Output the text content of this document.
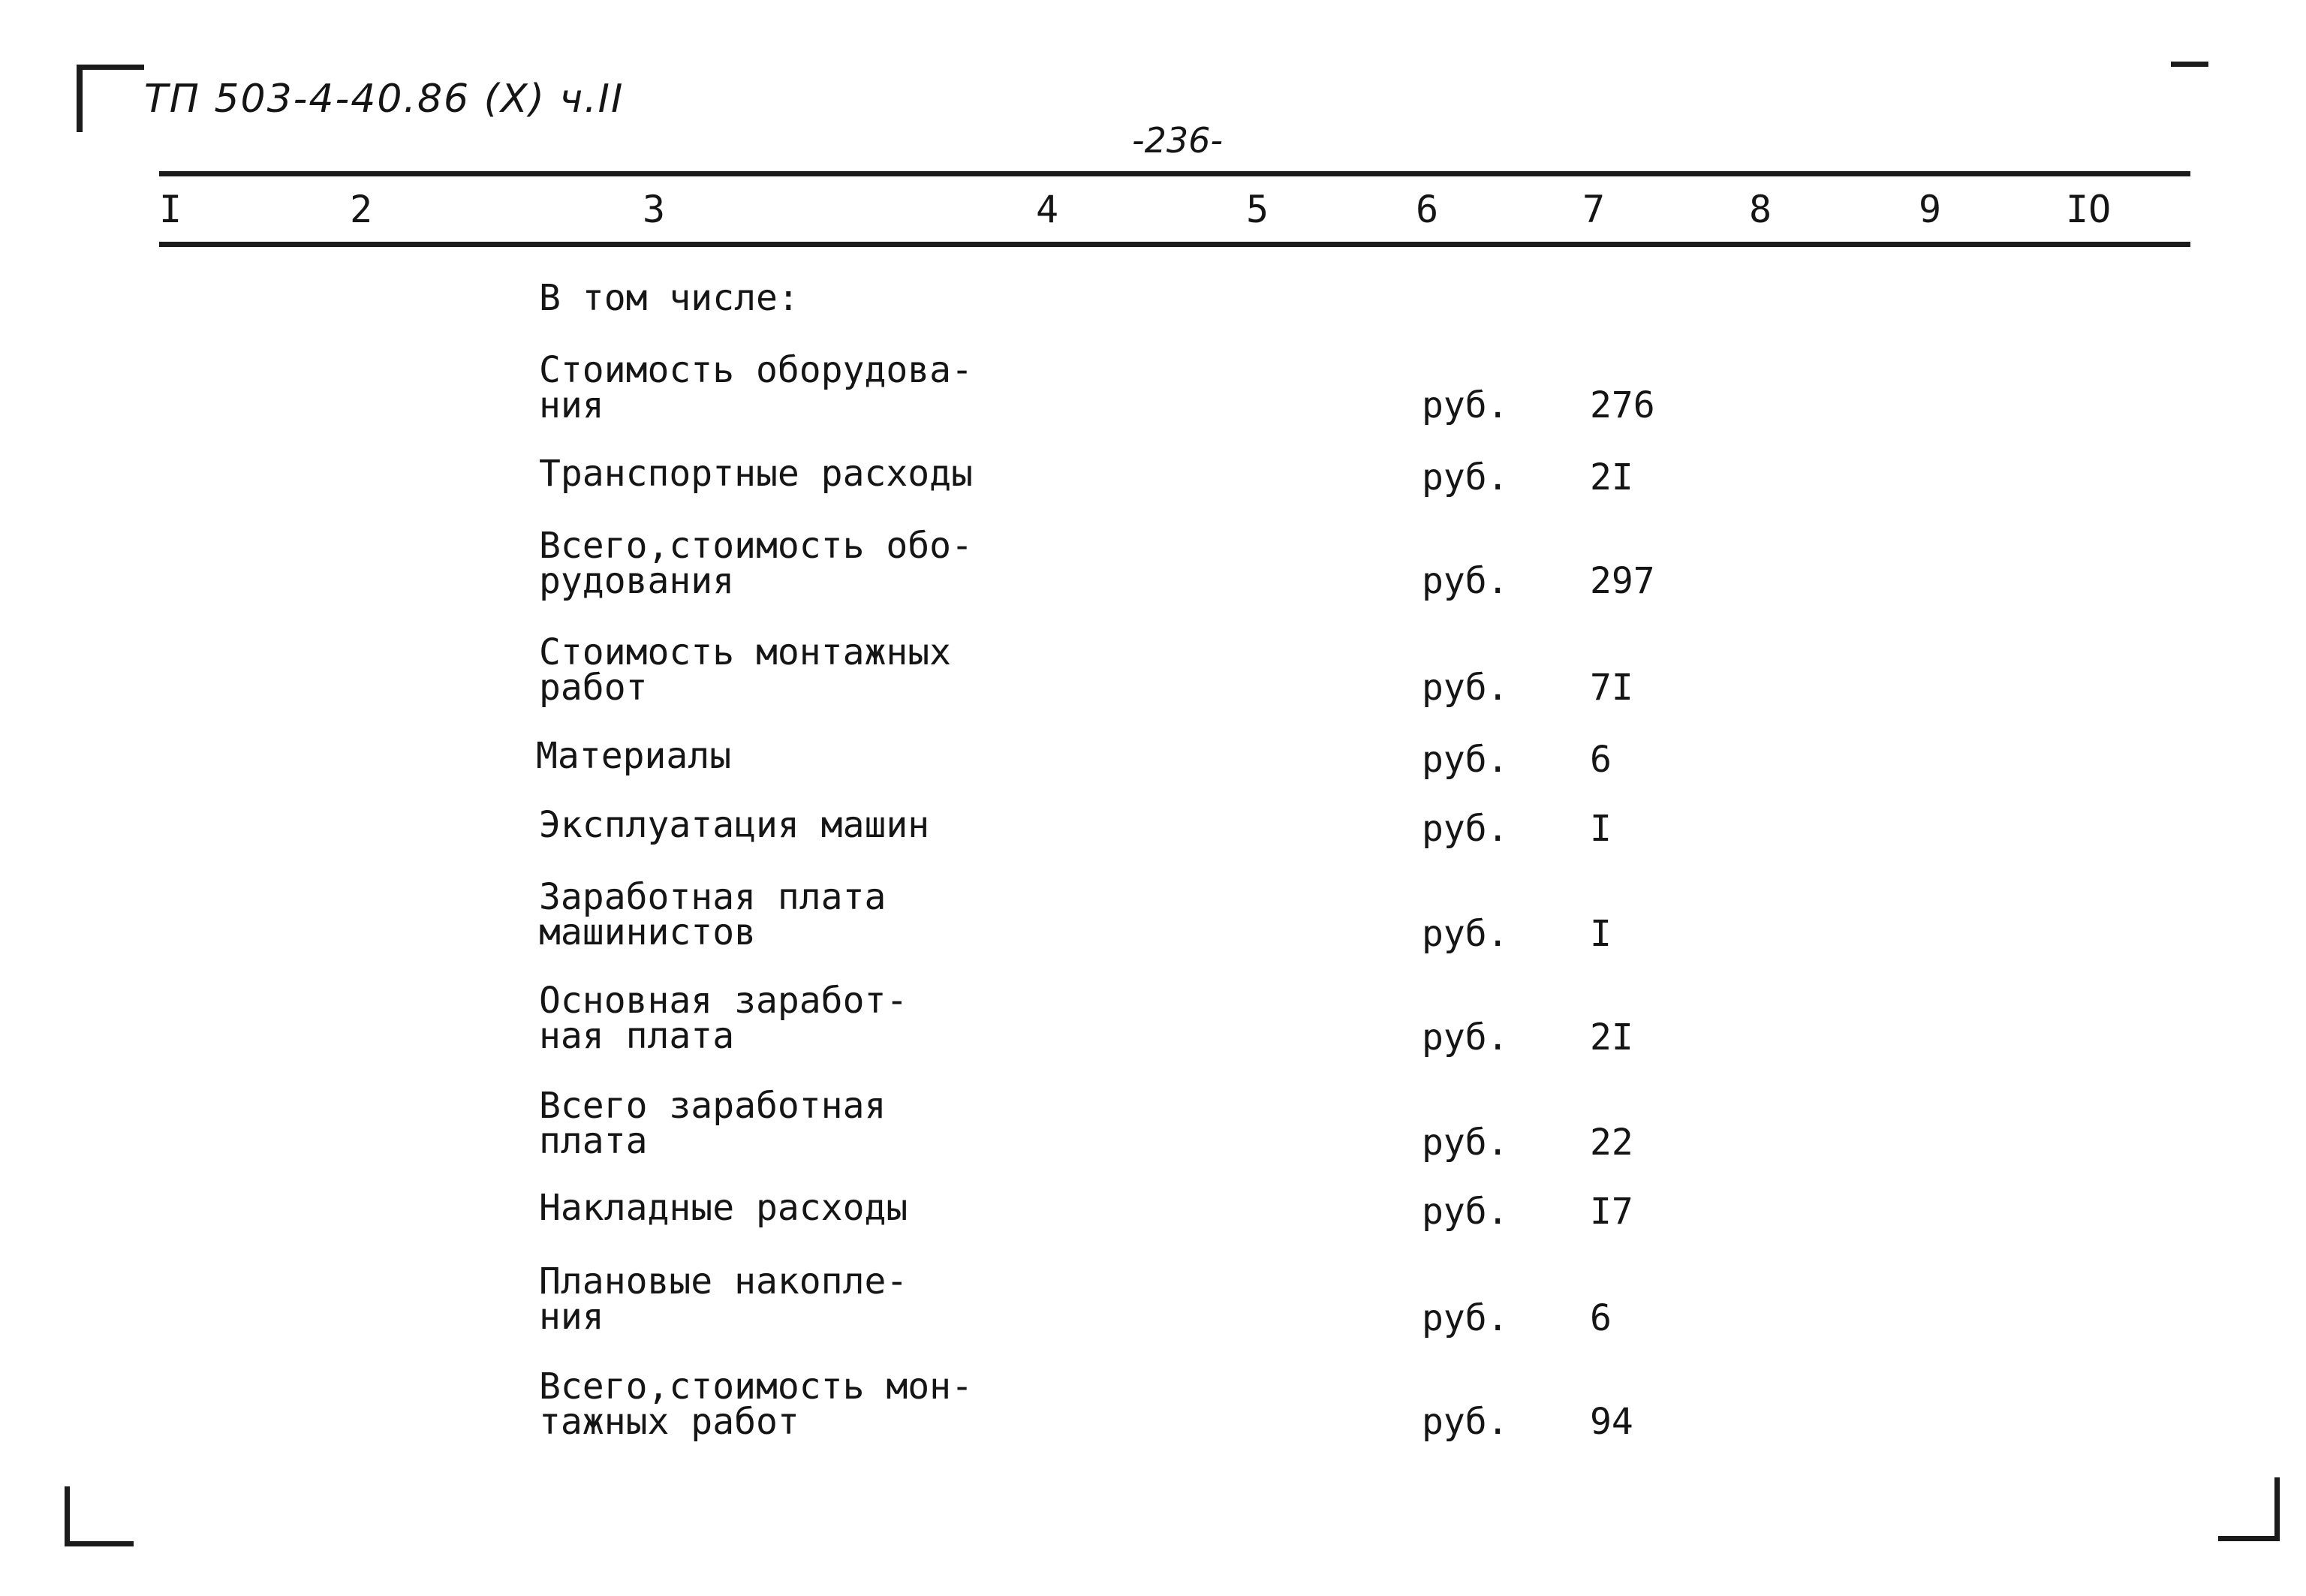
ТП 503-4-40.86 (X) ч.II
-236-
I	2	3	4	5	6	7	8	9	IO
В том числе:
Стоимость оборудова-
ния	руб. 276
Транспортные расходы	руб. 2I
Всего,стоимость обо-
рудования	руб. 297
Стоимость монтажных
работ	руб. 7I
Материалы	руб. 6
Эксплуатация машин	руб. I
Заработная плата
машинистов	руб. I
Основная заработ-
ная плата	руб. 2I
Всего заработная
плата	руб. 22
Накладные расходы	руб. I7
Плановые накопле-
ния	руб. 6
Всего,стоимость мон-
тажных работ	руб. 94
